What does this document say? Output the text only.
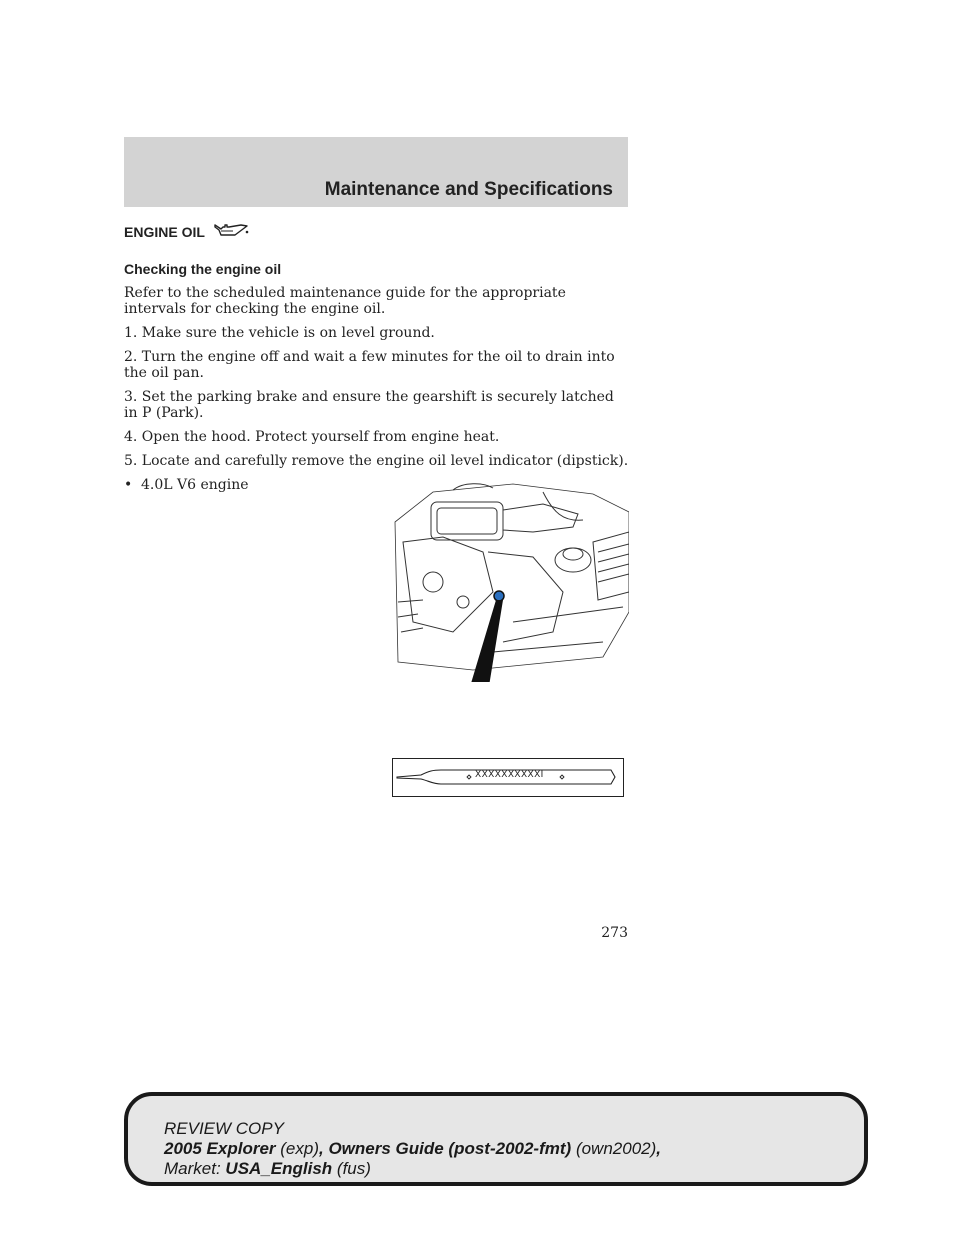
Maintenance and Specifications
ENGINE OIL
Checking the engine oil

Refer to the scheduled maintenance guide for the appropriate intervals for checking the engine oil.

1. Make sure the vehicle is on level ground.

2. Turn the engine off and wait a few minutes for the oil to drain into the oil pan.

3. Set the parking brake and ensure the gearshift is securely latched in P (Park).

4. Open the hood. Protect yourself from engine heat.

5. Locate and carefully remove the engine oil level indicator (dipstick).

• 4.0L V6 engine
XXXXXXXXXXI
273
REVIEW COPY
2005 Explorer (exp), Owners Guide (post-2002-fmt) (own2002),
Market: USA_English (fus)
